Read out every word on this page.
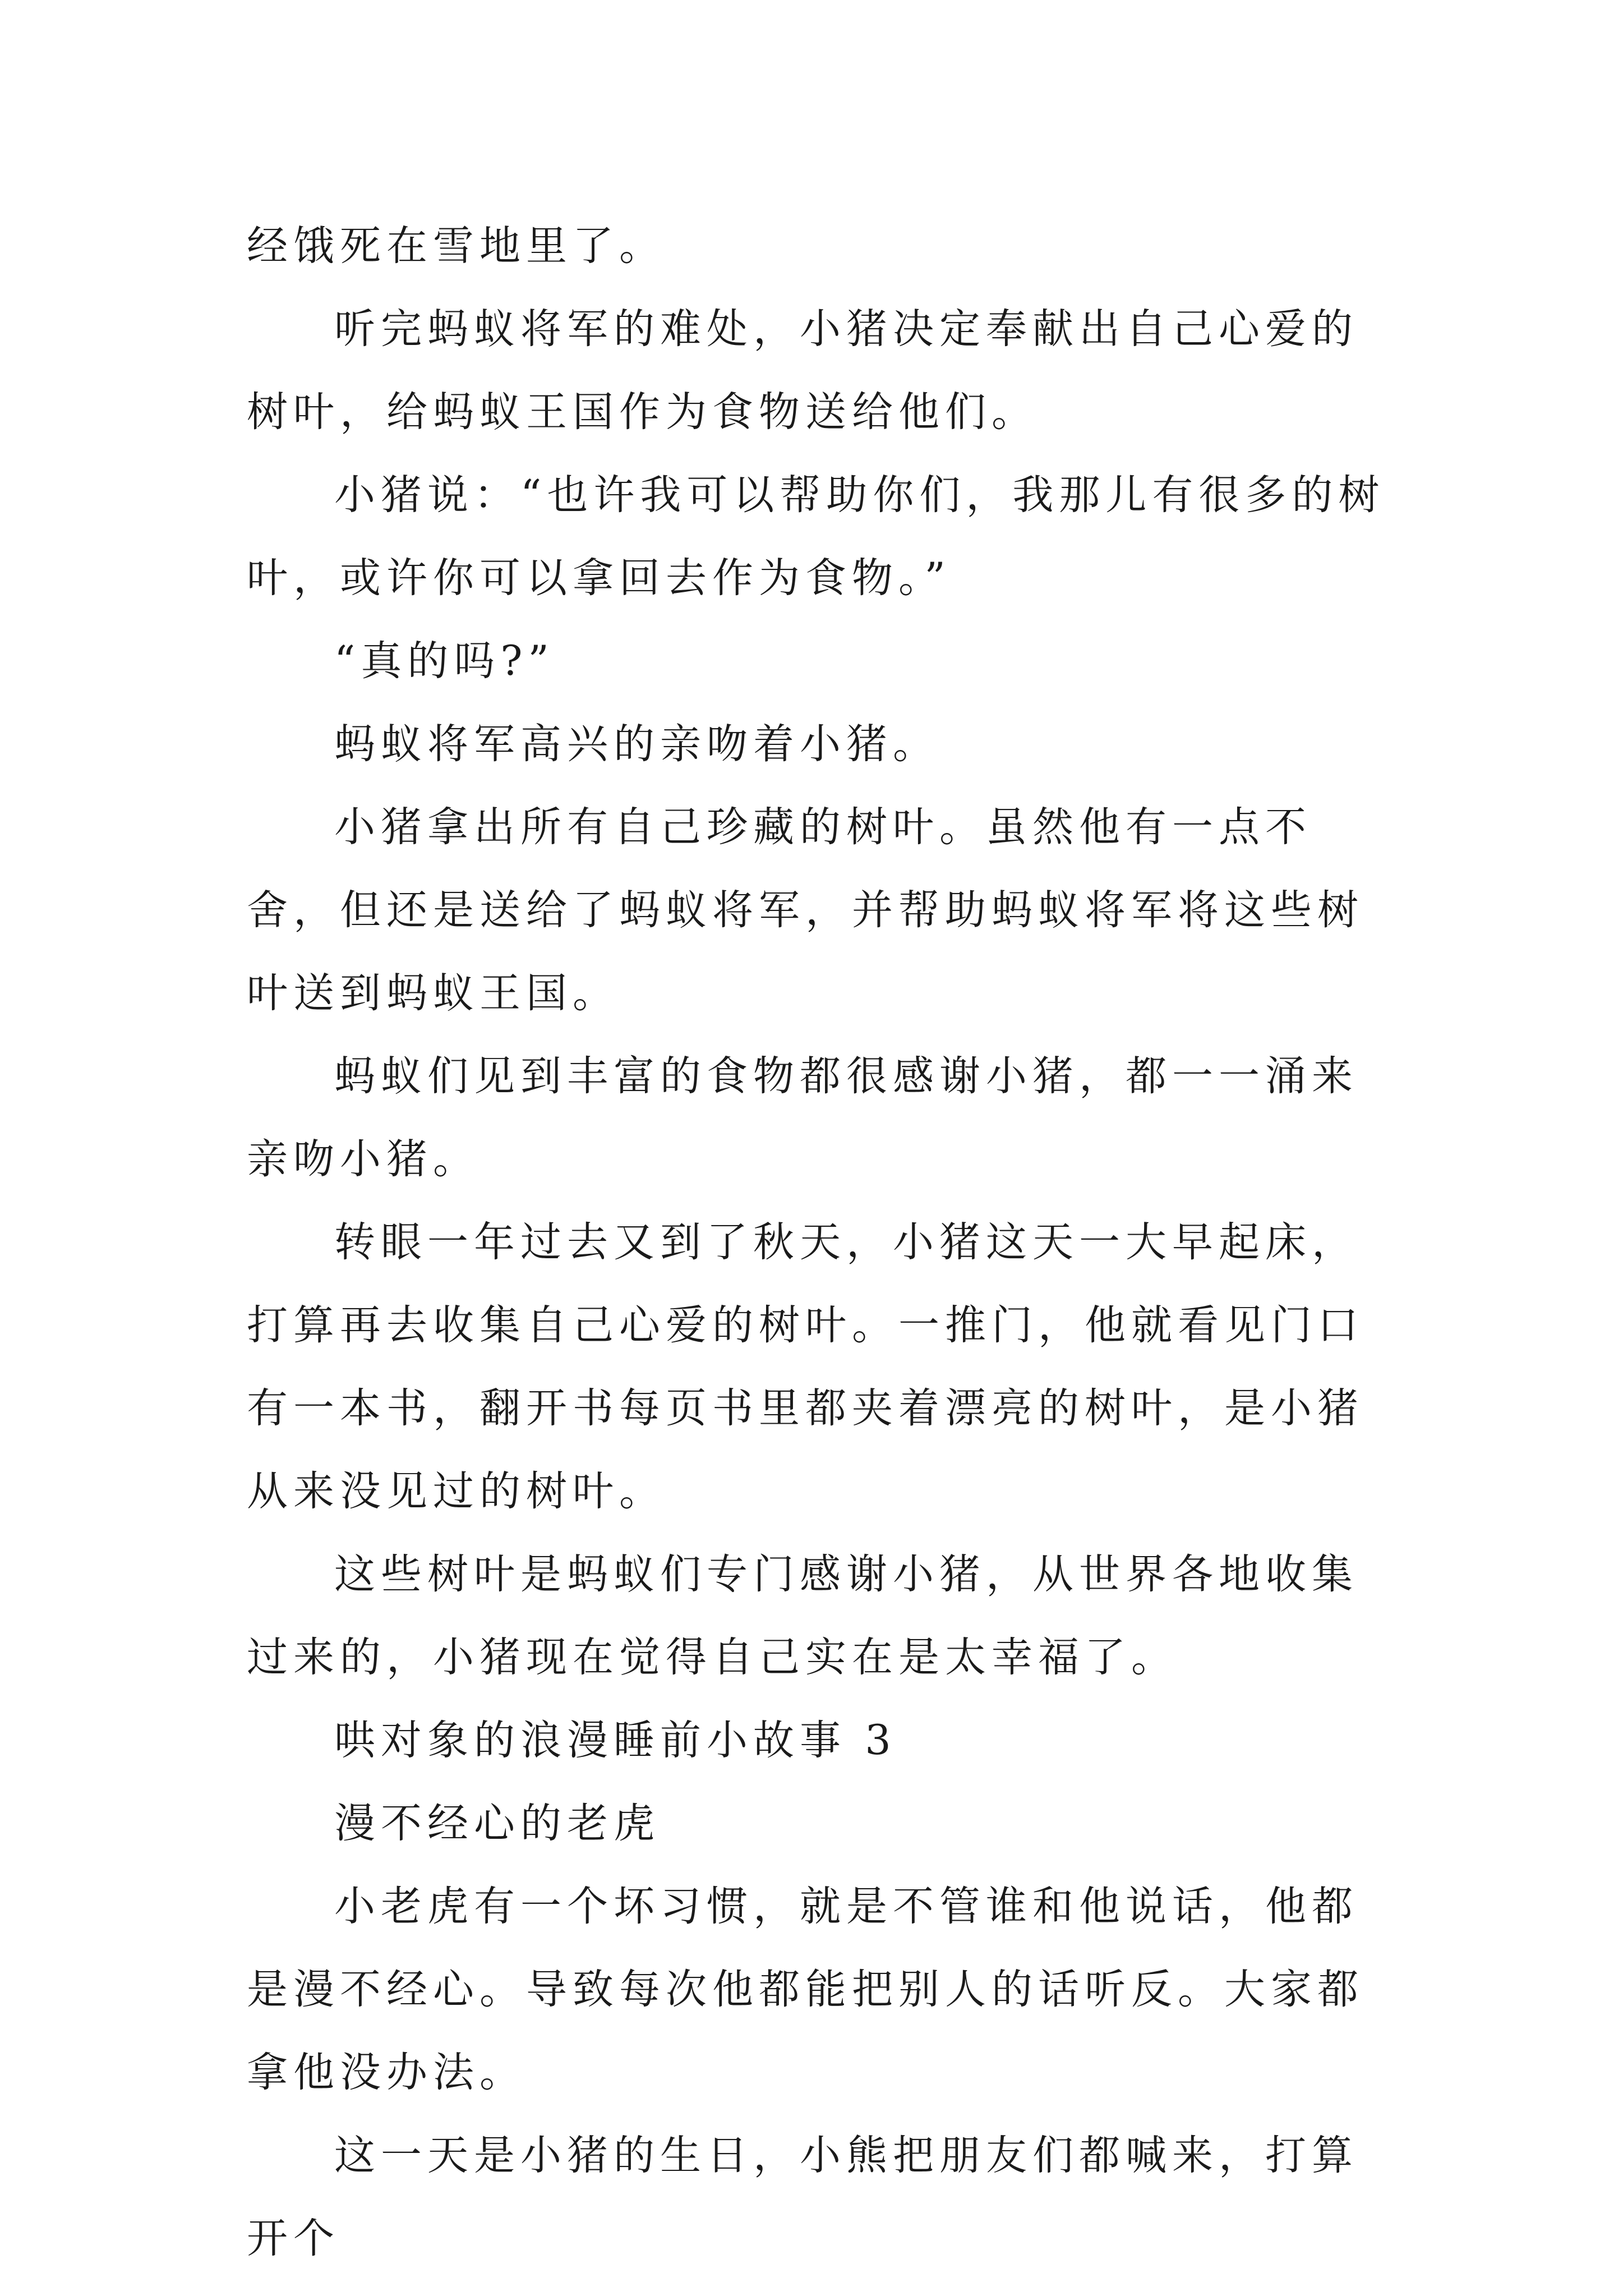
经饿死在雪地里了。

听完蚂蚁将军的难处，小猪决定奉献出自己心爱的树叶，给蚂蚁王国作为食物送给他们。

小猪说：“也许我可以帮助你们，我那儿有很多的树叶，或许你可以拿回去作为食物。”

“真的吗?”

蚂蚁将军高兴的亲吻着小猪。

小猪拿出所有自己珍藏的树叶。虽然他有一点不舍，但还是送给了蚂蚁将军，并帮助蚂蚁将军将这些树叶送到蚂蚁王国。

蚂蚁们见到丰富的食物都很感谢小猪，都一一涌来亲吻小猪。

转眼一年过去又到了秋天，小猪这天一大早起床，打算再去收集自己心爱的树叶。一推门，他就看见门口有一本书，翻开书每页书里都夹着漂亮的树叶，是小猪从来没见过的树叶。

这些树叶是蚂蚁们专门感谢小猪，从世界各地收集过来的，小猪现在觉得自己实在是太幸福了。

哄对象的浪漫睡前小故事 3

漫不经心的老虎

小老虎有一个坏习惯，就是不管谁和他说话，他都是漫不经心。导致每次他都能把别人的话听反。大家都拿他没办法。

这一天是小猪的生日，小熊把朋友们都喊来，打算开个
